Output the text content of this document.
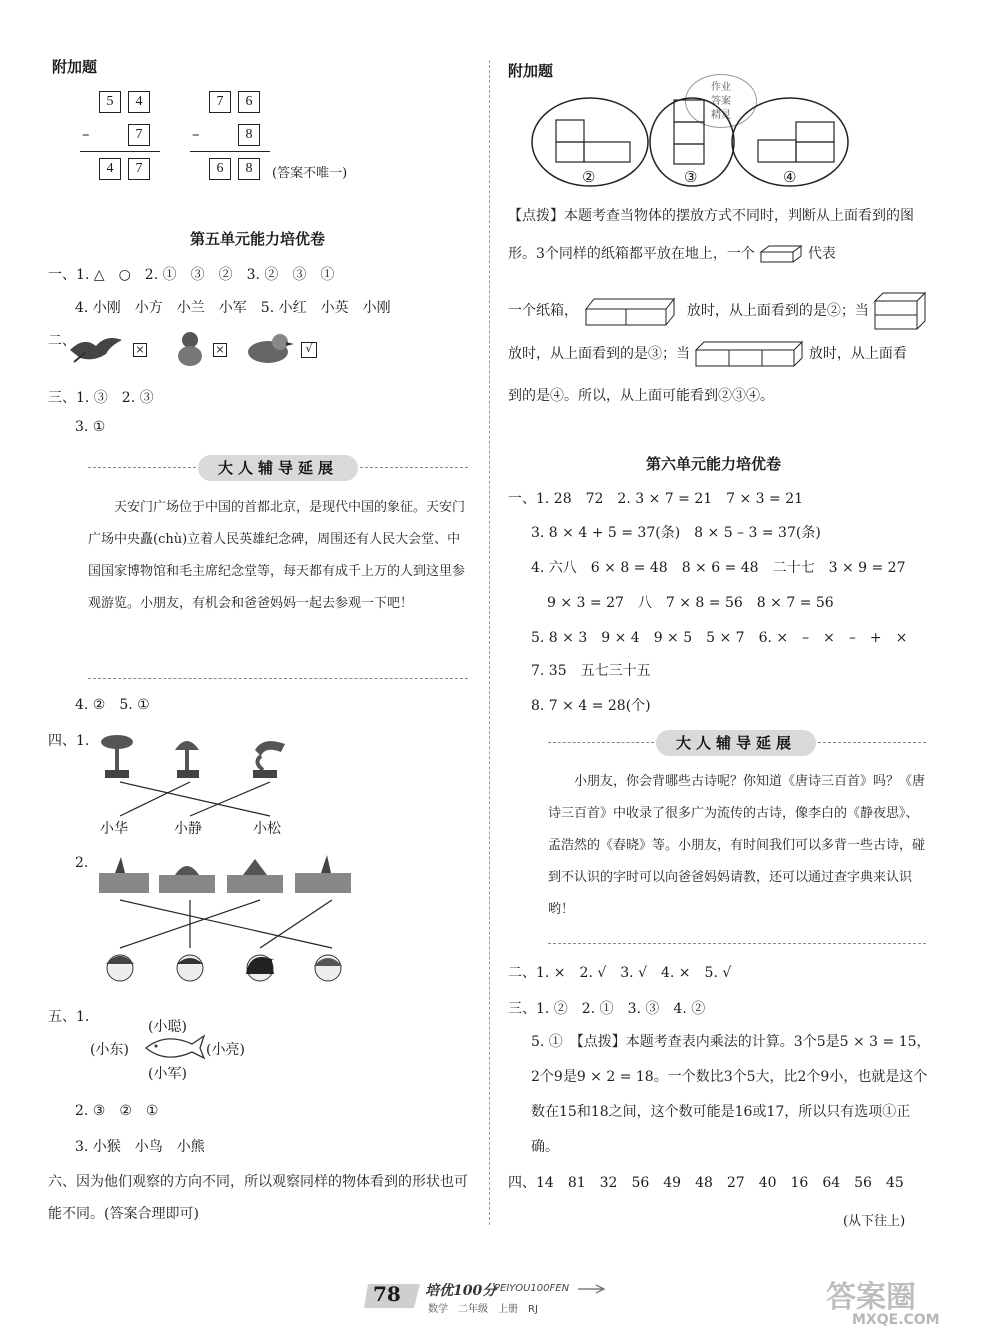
附加题
5	4
–	7
4	7
7	6
–	8
6	8	(答案不唯一)
第五单元能力培优卷
一、1. △　○　2. ①　③　②　3. ②　③　①
4. 小刚　小方　小兰　小军　5. 小红　小英　小刚
二、
×	×	√
三、1. ③　2. ③
3. ①
大人辅导延展
天安门广场位于中国的首都北京，是现代中国的象征。天安门广场中央矗(chù)立着人民英雄纪念碑，周围还有人民大会堂、中国国家博物馆和毛主席纪念堂等，每天都有成千上万的人到这里参观游览。小朋友，有机会和爸爸妈妈一起去参观一下吧！
4. ②　5. ①
四、1.
小华	小静	小松
2.
五、1.
(小聪)
(小东)	(小亮)
(小军)
2. ③　②　①
3. 小猴　小鸟　小熊
六、因为他们观察的方向不同，所以观察同样的物体看到的形状也可能不同。(答案合理即可)
附加题
作业
答案
精灵
②	③	④
【点拨】本题考查当物体的摆放方式不同时，判断从上面看到的图形。3个同样的纸箱都平放在地上，一个	代表
一个纸箱，	放时，从上面看到的是②；当
放时，从上面看到的是③；当	放时，从上面看
到的是④。所以，从上面可能看到②③④。
第六单元能力培优卷
一、1. 28　72　2. 3 × 7 = 21　7 × 3 = 21
3. 8 × 4 + 5 = 37(条)　8 × 5 – 3 = 37(条)
4. 六八　6 × 8 = 48　8 × 6 = 48　二十七　3 × 9 = 27
9 × 3 = 27　八　7 × 8 = 56　8 × 7 = 56
5. 8 × 3　9 × 4　9 × 5　5 × 7　6. ×　–　×　–　+　×
7. 35　五七三十五
8. 7 × 4 = 28(个)
大人辅导延展
小朋友，你会背哪些古诗呢？你知道《唐诗三百首》吗？《唐诗三百首》中收录了很多广为流传的古诗，像李白的《静夜思》、孟浩然的《春晓》等。小朋友，有时间我们可以多背一些古诗，碰到不认识的字时可以向爸爸妈妈请教，还可以通过查字典来认识哟！
二、1. ×　2. √　3. √　4. ×　5. √
三、1. ②　2. ①　3. ③　4. ②
5. ①　【点拨】本题考查表内乘法的计算。3个5是5 × 3 = 15，2个9是9 × 2 = 18。一个数比3个5大，比2个9小，也就是这个数在15和18之间，这个数可能是16或17，所以只有选项①正确。
四、14　81　32　56　49　48　27　40　16　64　56　45
(从下往上)
78 培优100分
PEIYOU100FEN
数学　二年级　上册　RJ	答案圈
MXQE.COM
